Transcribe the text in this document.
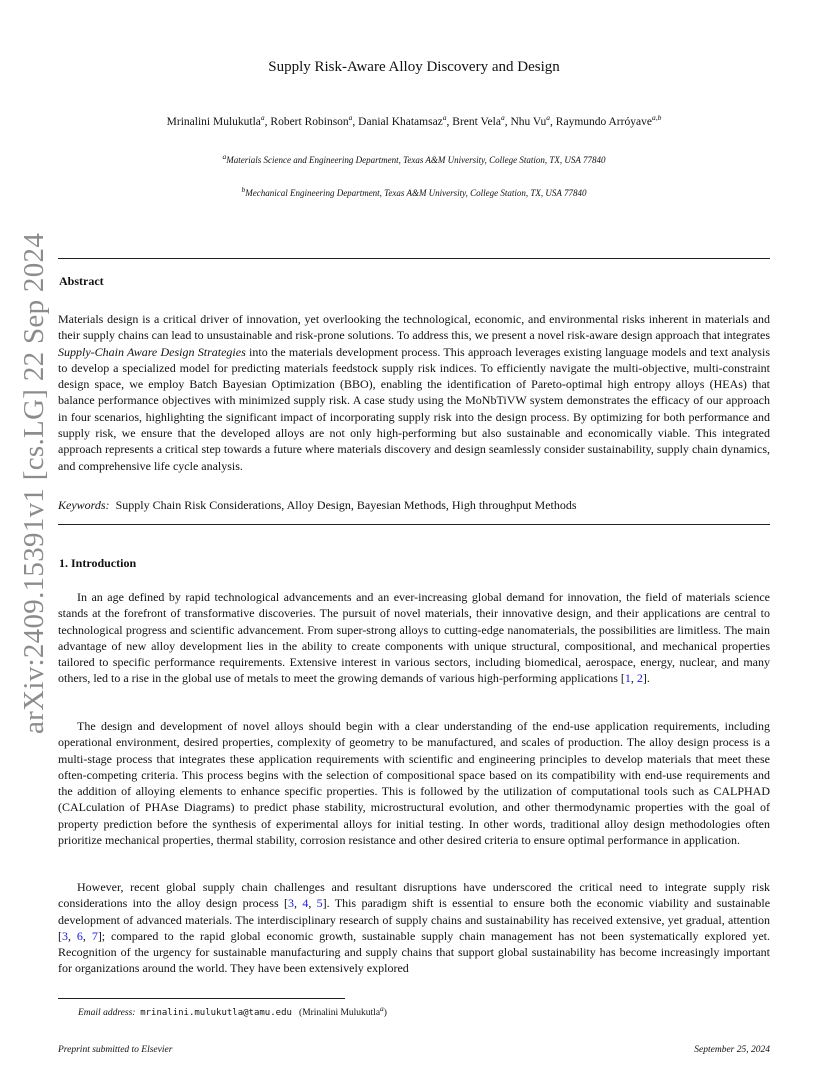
arXiv:2409.15391v1 [cs.LG] 22 Sep 2024
Supply Risk-Aware Alloy Discovery and Design
Mrinalini Mulukutla$^a$, Robert Robinson$^a$, Danial Khatamsaz$^a$, Brent Vela$^a$, Nhu Vu$^a$, Raymundo Arróyave$^{a,b}$
$^a$Materials Science and Engineering Department, Texas A&M University, College Station, TX, USA 77840
$^b$Mechanical Engineering Department, Texas A&M University, College Station, TX, USA 77840
Abstract

Materials design is a critical driver of innovation, yet overlooking the technological, economic, and environmental risks inherent in materials and their supply chains can lead to unsustainable and risk-prone solutions. To address this, we present a novel risk-aware design approach that integrates Supply-Chain Aware Design Strategies into the materials development process. This approach leverages existing language models and text analysis to develop a specialized model for predicting materials feedstock supply risk indices. To efficiently navigate the multi-objective, multi-constraint design space, we employ Batch Bayesian Optimization (BBO), enabling the identification of Pareto-optimal high entropy alloys (HEAs) that balance performance objectives with minimized supply risk. A case study using the MoNbTiVW system demonstrates the efficacy of our approach in four scenarios, highlighting the significant impact of incorporating supply risk into the design process. By optimizing for both performance and supply risk, we ensure that the developed alloys are not only high-performing but also sustainable and economically viable. This integrated approach represents a critical step towards a future where materials discovery and design seamlessly consider sustainability, supply chain dynamics, and comprehensive life cycle analysis.

Keywords: Supply Chain Risk Considerations, Alloy Design, Bayesian Methods, High throughput Methods

1. Introduction

In an age defined by rapid technological advancements and an ever-increasing global demand for innovation, the field of materials science stands at the forefront of transformative discoveries. The pursuit of novel materials, their innovative design, and their applications are central to technological progress and scientific advancement. From super-strong alloys to cutting-edge nanomaterials, the possibilities are limitless. The main advantage of new alloy development lies in the ability to create components with unique structural, compositional, and mechanical properties tailored to specific performance requirements. Extensive interest in various sectors, including biomedical, aerospace, energy, nuclear, and many others, led to a rise in the global use of metals to meet the growing demands of various high-performing applications [1, 2].

The design and development of novel alloys should begin with a clear understanding of the end-use application requirements, including operational environment, desired properties, complexity of geometry to be manufactured, and scales of production. The alloy design process is a multi-stage process that integrates these application requirements with scientific and engineering principles to develop materials that meet these often-competing criteria. This process begins with the selection of compositional space based on its compatibility with end-use requirements and the addition of alloying elements to enhance specific properties. This is followed by the utilization of computational tools such as CALPHAD (CALculation of PHAse Diagrams) to predict phase stability, microstructural evolution, and other thermodynamic properties with the goal of property prediction before the synthesis of experimental alloys for initial testing. In other words, traditional alloy design methodologies often prioritize mechanical properties, thermal stability, corrosion resistance and other desired criteria to ensure optimal performance in application.

However, recent global supply chain challenges and resultant disruptions have underscored the critical need to integrate supply risk considerations into the alloy design process [3, 4, 5]. This paradigm shift is essential to ensure both the economic viability and sustainable development of advanced materials. The interdisciplinary research of supply chains and sustainability has received extensive, yet gradual, attention [3, 6, 7]; compared to the rapid global economic growth, sustainable supply chain management has not been systematically explored yet. Recognition of the urgency for sustainable manufacturing and supply chains that support global sustainability has become increasingly important for organizations around the world. They have been extensively explored

Email address: mrinalini.mulukutla@tamu.edu (Mrinalini Mulukutla$^a$)
Preprint submitted to Elsevier	September 25, 2024
